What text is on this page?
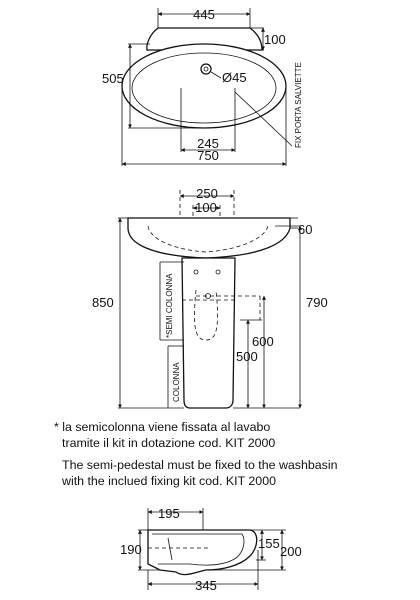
445
Ø45
100
505
245
750
FIX PORTA SALVIETTE
250
100
60
850	790
600
500
*SEMI COLONNA
COLONNA
* la semicolonna viene fissata al lavabo
tramite il kit in dotazione cod. KIT 2000
The semi-pedestal must be fixed to the washbasin
with the inclued fixing kit cod. KIT 2000
195
190	155
200
345
